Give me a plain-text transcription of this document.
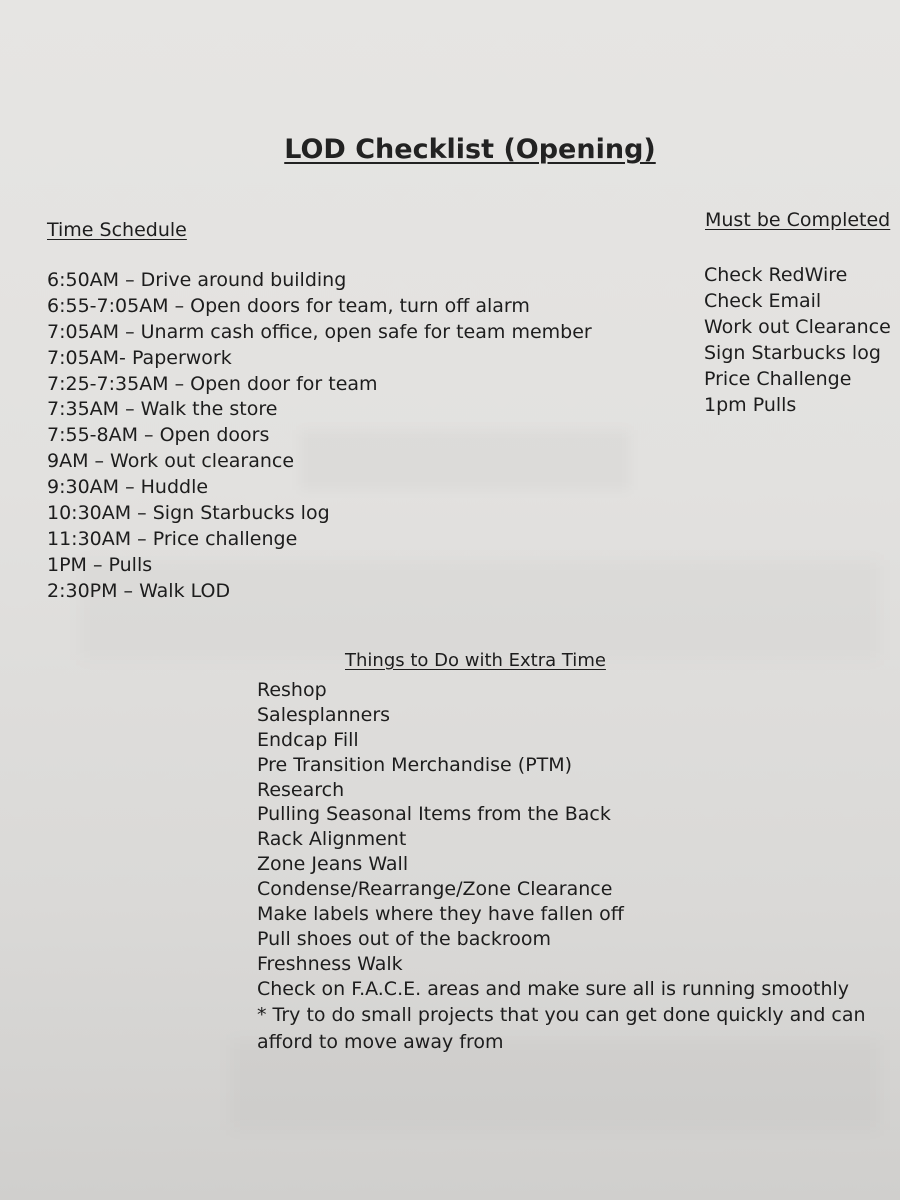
LOD Checklist (Opening)
Time Schedule
6:50AM – Drive around building
6:55-7:05AM – Open doors for team, turn off alarm
7:05AM – Unarm cash office, open safe for team member
7:05AM- Paperwork
7:25-7:35AM – Open door for team
7:35AM – Walk the store
7:55-8AM – Open doors
9AM – Work out clearance
9:30AM – Huddle
10:30AM – Sign Starbucks log
11:30AM – Price challenge
1PM – Pulls
2:30PM – Walk LOD
Must be Completed
Check RedWire
Check Email
Work out Clearance
Sign Starbucks log
Price Challenge
1pm Pulls
Things to Do with Extra Time
Reshop
Salesplanners
Endcap Fill
Pre Transition Merchandise (PTM)
Research
Pulling Seasonal Items from the Back
Rack Alignment
Zone Jeans Wall
Condense/Rearrange/Zone Clearance
Make labels where they have fallen off
Pull shoes out of the backroom
Freshness Walk
Check on F.A.C.E. areas and make sure all is running smoothly
* Try to do small projects that you can get done quickly and can afford to move away from
